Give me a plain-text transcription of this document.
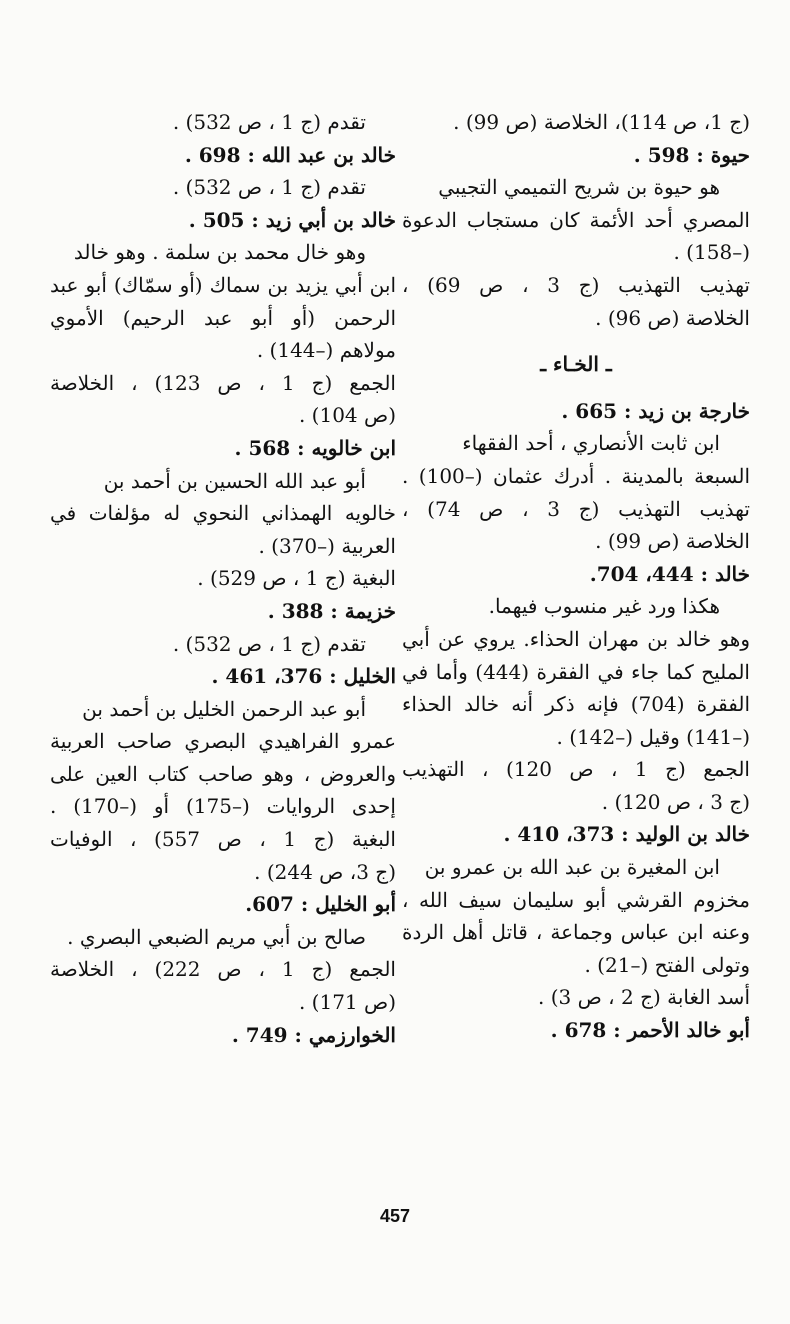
(ج 1، ص 114)، الخلاصة (ص 99) .
حيوة : 598 .
هو حيوة بن شريح التميمي التجيبي
المصري أحد الأئمة كان مستجاب الدعوة
(–158) .
تهذيب التهذيب (ج 3 ، ص 69) ،
الخلاصة (ص 96) .
ـ الخـاء ـ
خارجة بن زيد : 665 .
ابن ثابت الأنصاري ، أحد الفقهاء
السبعة بالمدينة . أدرك عثمان (–100) .
تهذيب التهذيب (ج 3 ، ص 74) ،
الخلاصة (ص 99) .
خالد : 444، 704.
هكذا ورد غير منسوب فيهما.
وهو خالد بن مهران الحذاء. يروي عن أبي
المليح كما جاء في الفقرة (444) وأما في
الفقرة (704) فإنه ذكر أنه خالد الحذاء
(–141) وقيل (–142) .
الجمع (ج 1 ، ص 120) ، التهذيب
(ج 3 ، ص 120) .
خالد بن الوليد : 373، 410 .
ابن المغيرة بن عبد الله بن عمرو بن
مخزوم القرشي أبو سليمان سيف الله ،
وعنه ابن عباس وجماعة ، قاتل أهل الردة
وتولى الفتح (–21) .
أسد الغابة (ج 2 ، ص 3) .
أبو خالد الأحمر : 678 .
تقدم (ج 1 ، ص 532) .
خالد بن عبد الله : 698 .
تقدم (ج 1 ، ص 532) .
خالد بن أبي زيد : 505 .
وهو خال محمد بن سلمة . وهو خالد
ابن أبي يزيد بن سماك (أو سمّاك) أبو عبد
الرحمن (أو أبو عبد الرحيم) الأموي
مولاهم (–144) .
الجمع (ج 1 ، ص 123) ، الخلاصة
(ص 104) .
ابن خالويه : 568 .
أبو عبد الله الحسين بن أحمد بن
خالويه الهمذاني النحوي له مؤلفات في
العربية (–370) .
البغية (ج 1 ، ص 529) .
خزيمة : 388 .
تقدم (ج 1 ، ص 532) .
الخليل : 376، 461 .
أبو عبد الرحمن الخليل بن أحمد بن
عمرو الفراهيدي البصري صاحب العربية
والعروض ، وهو صاحب كتاب العين على
إحدى الروايات (–175) أو (–170) .
البغية (ج 1 ، ص 557) ، الوفيات
(ج 3، ص 244) .
أبو الخليل : 607.
صالح بن أبي مريم الضبعي البصري .
الجمع (ج 1 ، ص 222) ، الخلاصة
(ص 171) .
الخوارزمي : 749 .
457
